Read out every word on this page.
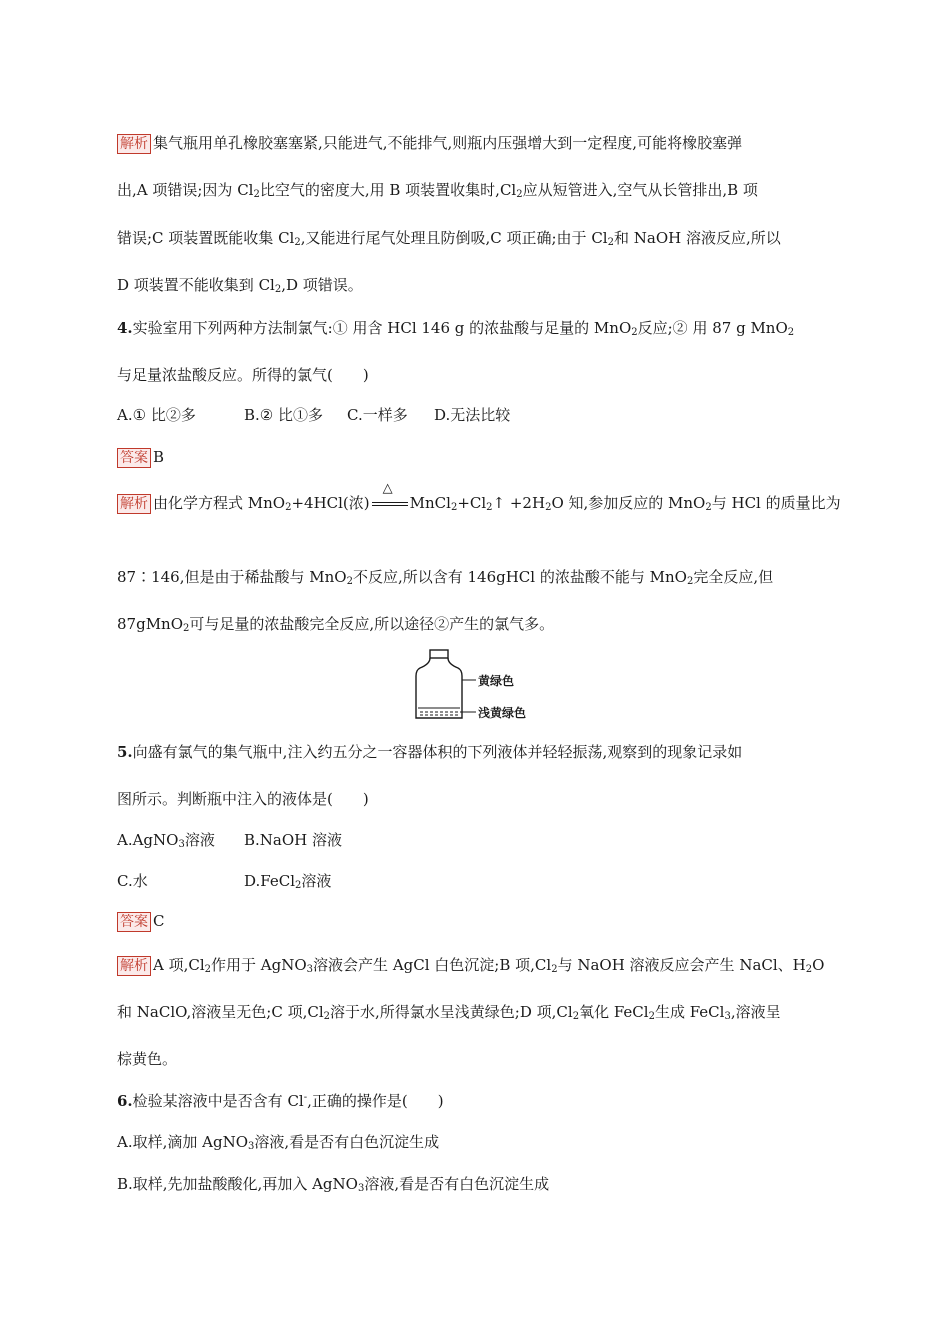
解析 集气瓶用单孔橡胶塞塞紧,只能进气,不能排气,则瓶内压强增大到一定程度,可能将橡胶塞弹
出,A 项错误;因为 $Cl_2$比空气的密度大,用 B 项装置收集时$,Cl_2$应从短管进入,空气从长管排出,B 项
错误;C 项装置既能收集 $Cl_2$,又能进行尾气处理且防倒吸,C 项正确;由于 $Cl_2$和 NaOH 溶液反应,所以
D 项装置不能收集到 $Cl_2,D$ 项错误。
4.实验室用下列两种方法制氯气:① 用含 HCl 146 g 的浓盐酸与足量的 MnO$_2$反应;② 用 87 g MnO$_2$
与足量浓盐酸反应。所得的氯气(　　)
A.① 比②多	B.② 比①多 C.一样多 D.无法比较
答案 B
解析 由化学方程式 MnO$_2$+4HCl(浓)
△
$MnCl_2+Cl_2↑ +2H_2O$ 知,参加反应的 MnO$_2$与 HCl 的质量比为
87∶146,但是由于稀盐酸与 MnO$_2$不反应,所以含有 146gHCl 的浓盐酸不能与 MnO$_2$完全反应,但
87gMnO$_2$可与足量的浓盐酸完全反应,所以途径②产生的氯气多。
黄绿色
浅黄绿色
5.向盛有氯气的集气瓶中,注入约五分之一容器体积的下列液体并轻轻振荡,观察到的现象记录如
图所示。判断瓶中注入的液体是(　　)
A.AgNO$_3$溶液 B.NaOH 溶液
C.水	D.FeCl$_2$溶液
答案 C
解析 A 项$,Cl_2$作用于 AgNO$_3$溶液会产生 AgCl 白色沉淀;B 项$,Cl_2$与 NaOH 溶液反应会产生 NaCl、$H_2O$
和 NaClO,溶液呈无色;C 项$,Cl_2$溶于水,所得氯水呈浅黄绿色;D 项$,Cl_2$氧化 FeCl$_2$生成 FeCl$_3$,溶液呈
棕黄色。
6.检验某溶液中是否含有 Cl-,正确的操作是(　　)
A.取样,滴加 AgNO$_3$溶液,看是否有白色沉淀生成
B.取样,先加盐酸酸化,再加入 AgNO$_3$溶液,看是否有白色沉淀生成
